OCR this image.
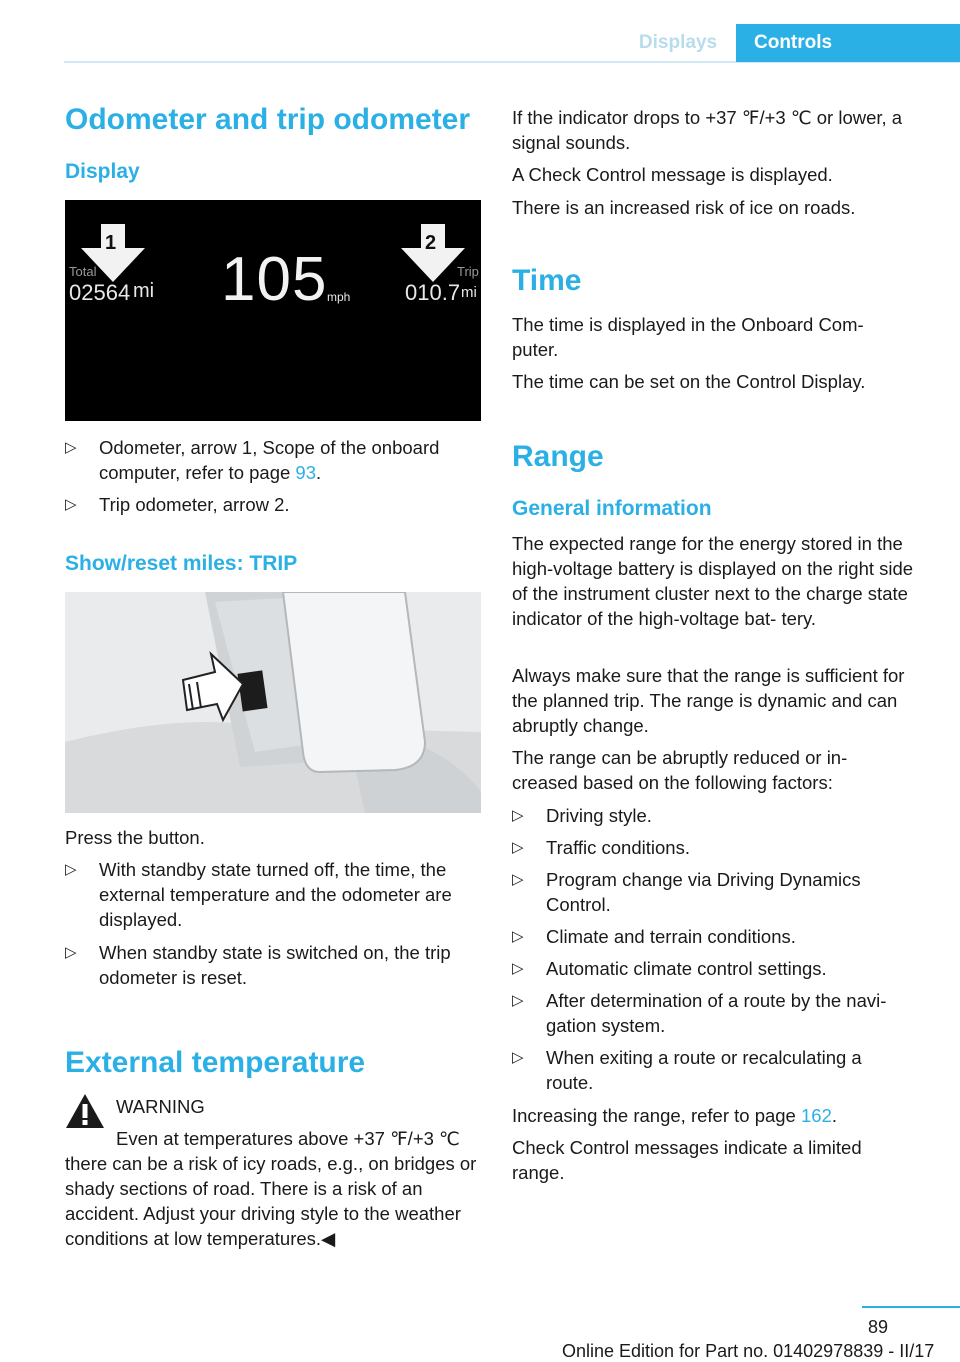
Displays	Controls
Odometer and trip odometer
Display
1	2
Total
02564 mi 105 mph
Trip
010.7 mi
▷	Odometer, arrow 1, Scope of the onboard computer, refer to page 93.
▷	Trip odometer, arrow 2.
Show/reset miles: TRIP

Press the button.

▷	With standby state turned off, the time, the external temperature and the odometer are displayed.
▷	When standby state is switched on, the trip odometer is reset.
External temperature

WARNING

Even at temperatures above +37 ℉/+3 ℃

there can be a risk of icy roads, e.g., on bridges or shady sections of road. There is a risk of an accident. Adjust your driving style to the weather conditions at low temperatures.◀

If the indicator drops to +37 ℉/+3 ℃ or lower, a signal sounds.

A Check Control message is displayed.

There is an increased risk of ice on roads.

Time

The time is displayed in the Onboard Com‐ puter.

The time can be set on the Control Display.

Range
General information

The expected range for the energy stored in the high-voltage battery is displayed on the right side of the instrument cluster next to the charge state indicator of the high-voltage bat‐ tery.

Always make sure that the range is sufficient for the planned trip. The range is dynamic and can abruptly change.

The range can be abruptly reduced or in‐ creased based on the following factors:

▷	Driving style.
▷	Traffic conditions.
▷	Program change via Driving Dynamics Control.
▷	Climate and terrain conditions.
▷	Automatic climate control settings.
▷	After determination of a route by the navi‐ gation system.
▷	When exiting a route or recalculating a route.

Increasing the range, refer to page 162.

Check Control messages indicate a limited range.

89
Online Edition for Part no. 01402978839 - II/17
